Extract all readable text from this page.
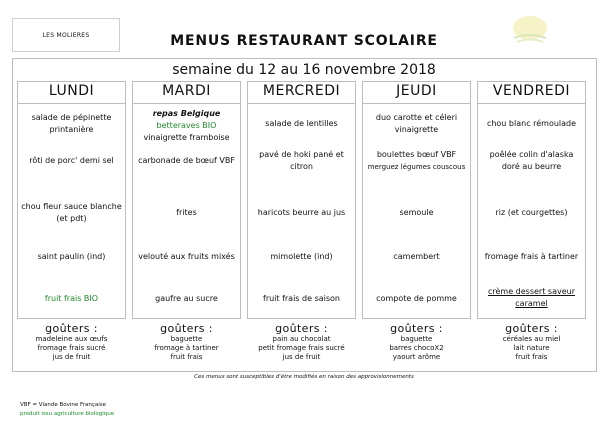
LES MOLIERES	MENUS RESTAURANT SCOLAIRE
semaine du 12 au 16 novembre 2018
LUNDI
salade de pépinette printanière
rôti de porc' demi sel
chou fleur sauce blanche (et pdt)
saint paulin (ind)
fruit frais BIO
MARDI
repas Belgique
betteraves BIO
vinaigrette framboise
carbonade de bœuf VBF
frites
velouté aux fruits mixés
gaufre au sucre
MERCREDI
salade de lentilles
pavé de hoki pané et citron
haricots beurre au jus
mimolette (ind)
fruit frais de saison
JEUDI
duo carotte et céleri vinaigrette
boulettes bœuf VBF
merguez légumes couscous
semoule
camembert
compote de pomme
VENDREDI
chou blanc rémoulade
poêlée colin d'alaska doré au beurre
riz (et courgettes)
fromage frais à tartiner
crème dessert saveur caramel
goûters :
madeleine aux œufs
fromage frais sucré
jus de fruit
goûters :
baguette
fromage à tartiner
fruit frais
goûters :
pain au chocolat
petit fromage frais sucré
jus de fruit
goûters :
baguette
barres chocoX2
yaourt arôme
goûters :
céréales au miel
lait nature
fruit frais
Ces menus sont susceptibles d'être modifiés en raison des approvisionnements
VBF = Viande Bovine Française
produit issu agriculture biologique
